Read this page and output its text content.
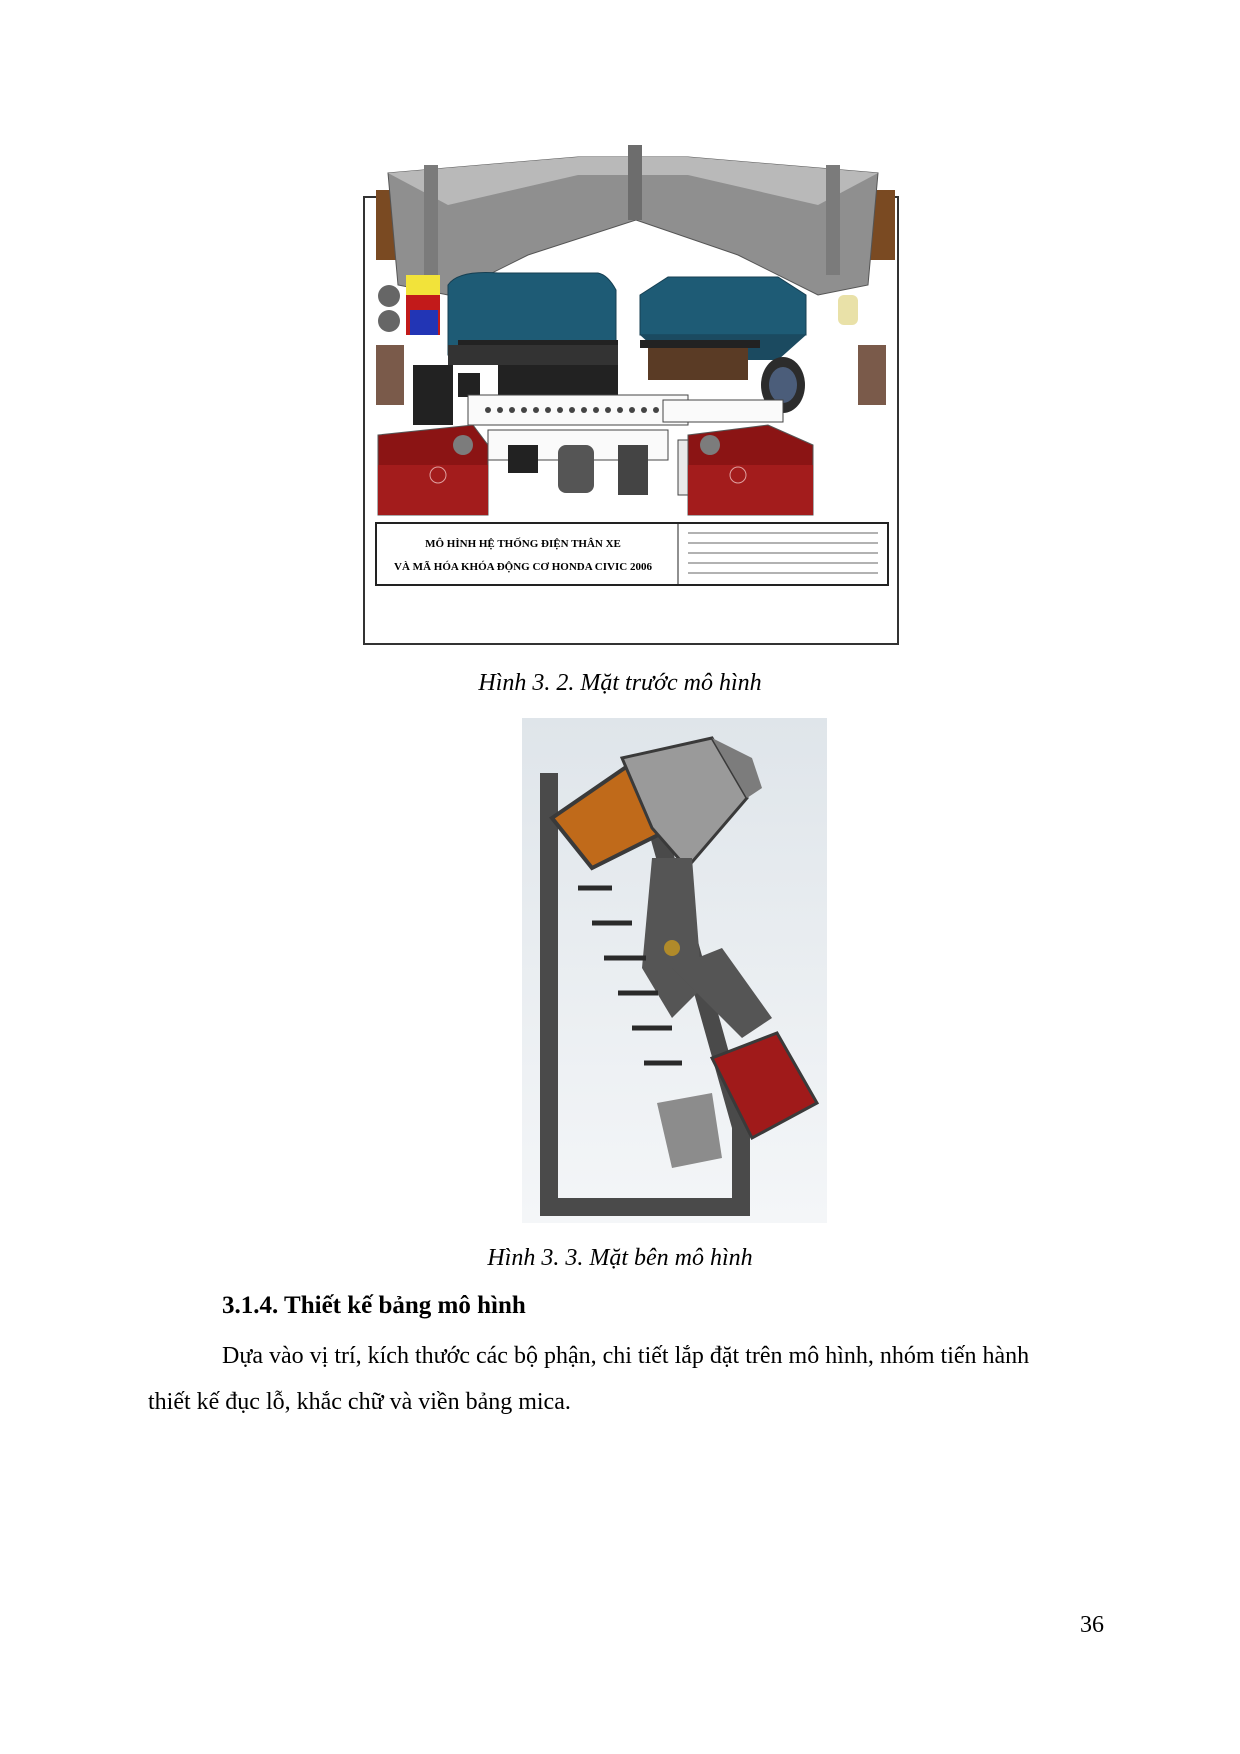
MÔ HÌNH HỆ THỐNG ĐIỆN THÂN XE
VÀ MÃ HÓA KHÓA ĐỘNG CƠ HONDA CIVIC 2006
Hình 3. 2. Mặt trước mô hình
Hình 3. 3. Mặt bên mô hình
3.1.4. Thiết kế bảng mô hình
Dựa vào vị trí, kích thước các bộ phận, chi tiết lắp đặt trên mô hình, nhóm tiến hành
thiết kế đục lỗ, khắc chữ và viền bảng mica.
36
